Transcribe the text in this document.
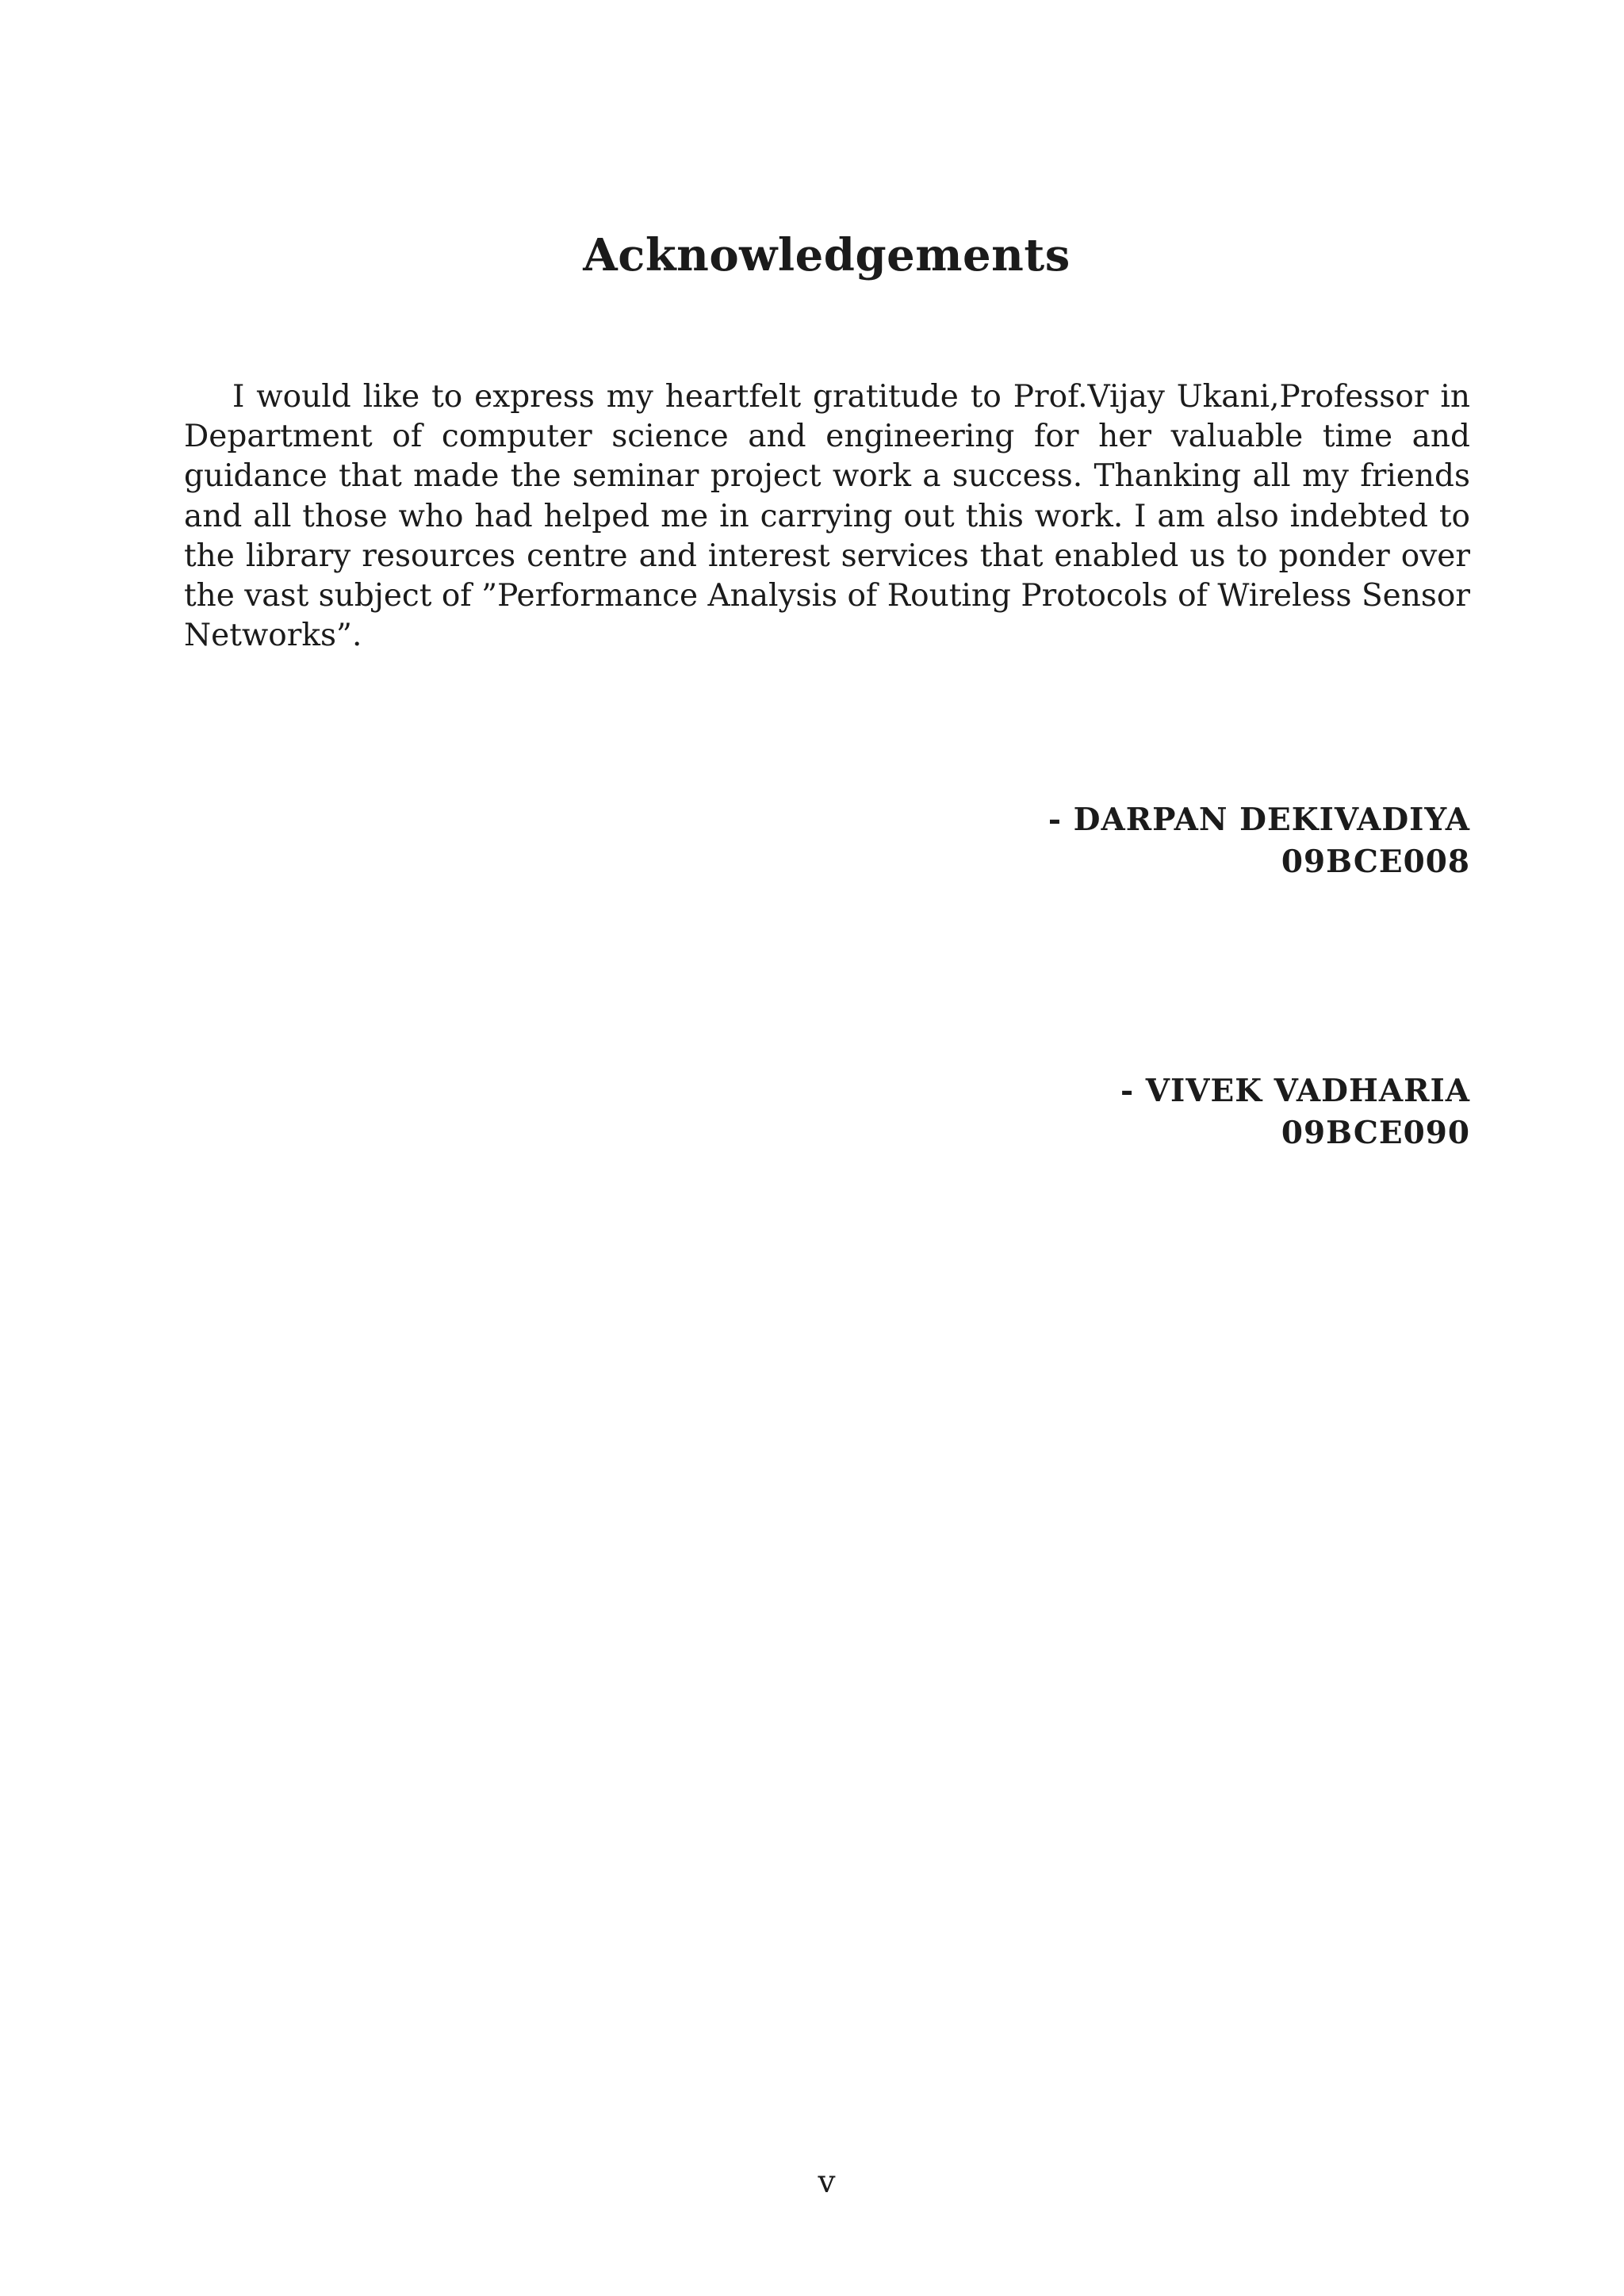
Acknowledgements

I would like to express my heartfelt gratitude to Prof.Vijay Ukani,Professor in Department of computer science and engineering for her valuable time and guidance that made the seminar project work a success. Thanking all my friends and all those who had helped me in carrying out this work. I am also indebted to the library resources centre and interest services that enabled us to ponder over the vast subject of ”Performance Analysis of Routing Protocols of Wireless Sensor Networks”.

- DARPAN DEKIVADIYA
09BCE008
- VIVEK VADHARIA
09BCE090
v
